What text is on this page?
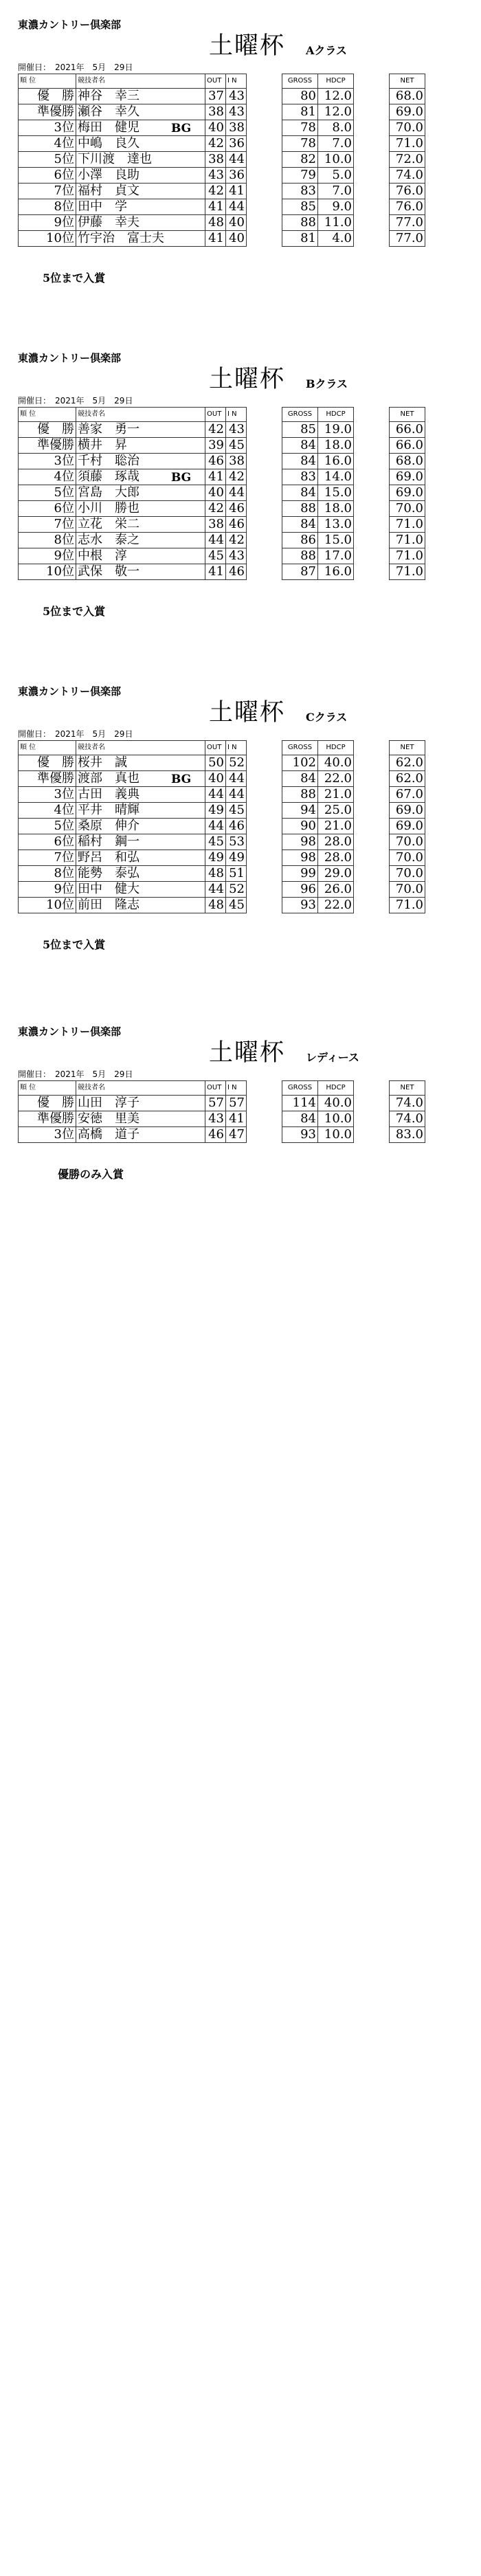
東濃カントリー倶楽部
土曜杯 Aクラス
開催日：　2021年　5月　29日
順 位	競技者名	OUT	I N		GROSS	HDCP		NET
優　勝	神谷　幸三	37	43		80	12.0		68.0
準優勝	瀬谷　幸久	38	43		81	12.0		69.0
3位	梅田　健児 BG	40	38		78	8.0		70.0
4位	中嶋　良久	42	36		78	7.0		71.0
5位	下川渡　達也	38	44		82	10.0		72.0
6位	小澤　良助	43	36		79	5.0		74.0
7位	福村　貞文	42	41		83	7.0		76.0
8位	田中　学	41	44		85	9.0		76.0
9位	伊藤　幸夫	48	40		88	11.0		77.0
10位	竹宇治　富士夫	41	40		81	4.0		77.0
5位まで入賞
東濃カントリー倶楽部
土曜杯 Bクラス
開催日：　2021年　5月　29日
順 位	競技者名	OUT	I N		GROSS	HDCP		NET
優　勝	善家　勇一	42	43		85	19.0		66.0
準優勝	横井　昇	39	45		84	18.0		66.0
3位	千村　聡治	46	38		84	16.0		68.0
4位	須藤　琢哉 BG	41	42		83	14.0		69.0
5位	宮島　大郎	40	44		84	15.0		69.0
6位	小川　勝也	42	46		88	18.0		70.0
7位	立花　栄二	38	46		84	13.0		71.0
8位	志水　泰之	44	42		86	15.0		71.0
9位	中根　淳	45	43		88	17.0		71.0
10位	武保　敬一	41	46		87	16.0		71.0
5位まで入賞
東濃カントリー倶楽部
土曜杯 Cクラス
開催日：　2021年　5月　29日
順 位	競技者名	OUT	I N		GROSS	HDCP		NET
優　勝	桜井　誠	50	52		102	40.0		62.0
準優勝	渡部　真也 BG	40	44		84	22.0		62.0
3位	古田　義典	44	44		88	21.0		67.0
4位	平井　晴輝	49	45		94	25.0		69.0
5位	桑原　伸介	44	46		90	21.0		69.0
6位	稲村　鋼一	45	53		98	28.0		70.0
7位	野呂　和弘	49	49		98	28.0		70.0
8位	能勢　泰弘	48	51		99	29.0		70.0
9位	田中　健大	44	52		96	26.0		70.0
10位	前田　隆志	48	45		93	22.0		71.0
5位まで入賞
東濃カントリー倶楽部
土曜杯 レディース
開催日：　2021年　5月　29日
順 位	競技者名	OUT	I N		GROSS	HDCP		NET
優　勝	山田　淳子	57	57		114	40.0		74.0
準優勝	安徳　里美	43	41		84	10.0		74.0
3位	高橋　道子	46	47		93	10.0		83.0
優勝のみ入賞
